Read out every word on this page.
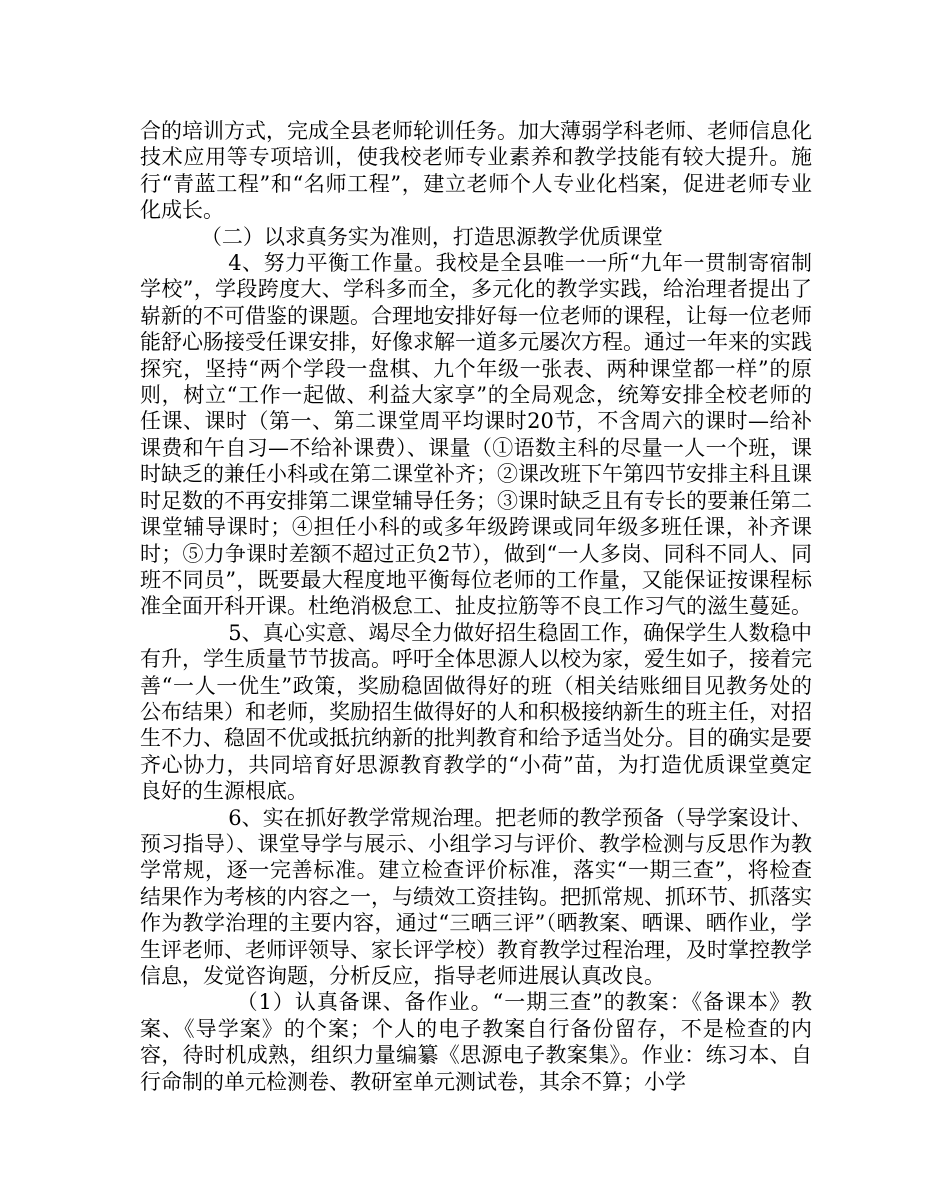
合的培训方式，完成全县老师轮训任务。加大薄弱学科老师、老师信息化技术应用等专项培训，使我校老师专业素养和教学技能有较大提升。施行“青蓝工程”和“名师工程”，建立老师个人专业化档案，促进老师专业化成长。

（二）以求真务实为准则，打造思源教学优质课堂

4、努力平衡工作量。我校是全县唯一一所“九年一贯制寄宿制学校”，学段跨度大、学科多而全，多元化的教学实践，给治理者提出了崭新的不可借鉴的课题。合理地安排好每一位老师的课程，让每一位老师能舒心肠接受任课安排，好像求解一道多元屡次方程。通过一年来的实践探究，坚持“两个学段一盘棋、九个年级一张表、两种课堂都一样”的原则，树立“工作一起做、利益大家享”的全局观念，统筹安排全校老师的任课、课时（第一、第二课堂周平均课时20节，不含周六的课时—给补课费和午自习—不给补课费）、课量（①语数主科的尽量一人一个班，课时缺乏的兼任小科或在第二课堂补齐；②课改班下午第四节安排主科且课时足数的不再安排第二课堂辅导任务；③课时缺乏且有专长的要兼任第二课堂辅导课时；④担任小科的或多年级跨课或同年级多班任课，补齐课时；⑤力争课时差额不超过正负2节），做到“一人多岗、同科不同人、同班不同员”，既要最大程度地平衡每位老师的工作量，又能保证按课程标准全面开科开课。杜绝消极怠工、扯皮拉筋等不良工作习气的滋生蔓延。

5、真心实意、竭尽全力做好招生稳固工作，确保学生人数稳中有升，学生质量节节拔高。呼吁全体思源人以校为家，爱生如子，接着完善“一人一优生”政策，奖励稳固做得好的班（相关结账细目见教务处的公布结果）和老师，奖励招生做得好的人和积极接纳新生的班主任，对招生不力、稳固不优或抵抗纳新的批判教育和给予适当处分。目的确实是要齐心协力，共同培育好思源教育教学的“小荷”苗，为打造优质课堂奠定良好的生源根底。

6、实在抓好教学常规治理。把老师的教学预备（导学案设计、预习指导）、课堂导学与展示、小组学习与评价、教学检测与反思作为教学常规，逐一完善标准。建立检查评价标准，落实“一期三查”，将检查结果作为考核的内容之一，与绩效工资挂钩。把抓常规、抓环节、抓落实作为教学治理的主要内容，通过“三晒三评”（晒教案、晒课、晒作业，学生评老师、老师评领导、家长评学校）教育教学过程治理，及时掌控教学信息，发觉咨询题，分析反应，指导老师进展认真改良。

（1）认真备课、备作业。“一期三查”的教案：《备课本》教案、《导学案》的个案；个人的电子教案自行备份留存，不是检查的内容，待时机成熟，组织力量编纂《思源电子教案集》。作业：练习本、自行命制的单元检测卷、教研室单元测试卷，其余不算；小学
